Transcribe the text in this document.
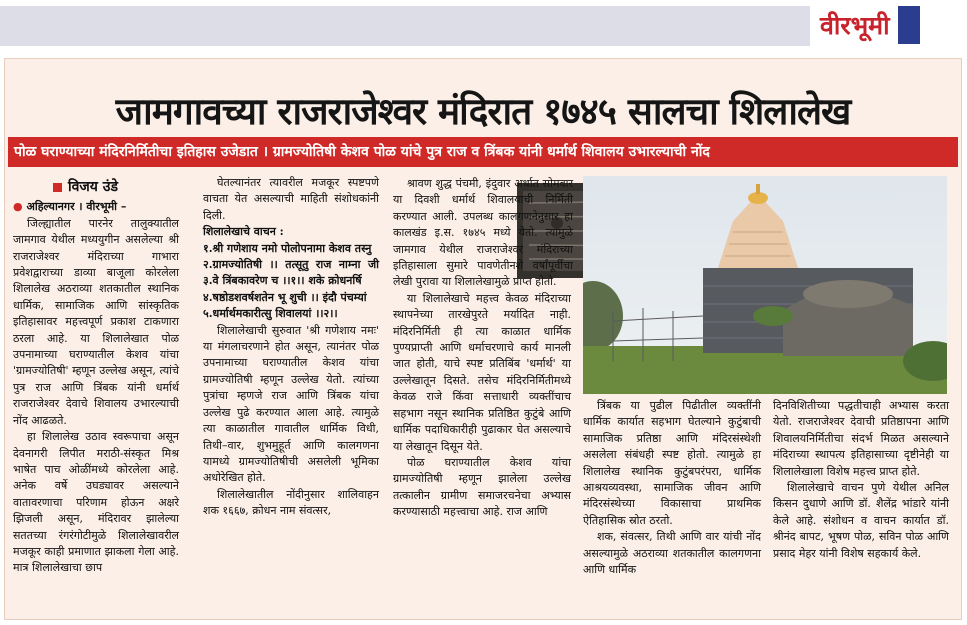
वीरभूमी
जामगावच्या राजराजेश्वर मंदिरात १७४५ सालचा शिलालेख
पोळ घराण्याच्या मंदिरनिर्मितीचा इतिहास उजेडात । ग्रामज्योतिषी केशव पोळ यांचे पुत्र राज व त्रिंबक यांनी धर्मार्थ शिवालय उभारल्याची नोंद
विजय उंडे

● अहिल्यानगर । वीरभूमी –

जिल्ह्यातील पारनेर तालुक्यातील जामगाव येथील मध्ययुगीन असलेल्या श्री राजराजेश्वर मंदिराच्या गाभारा प्रवेशद्वाराच्या डाव्या बाजूला कोरलेला शिलालेख अठराव्या शतकातील स्थानिक धार्मिक, सामाजिक आणि सांस्कृतिक इतिहासावर महत्त्वपूर्ण प्रकाश टाकणारा ठरला आहे. या शिलालेखात पोळ उपनामाच्या घराण्यातील केशव यांचा 'ग्रामज्योतिषी' म्हणून उल्लेख असून, त्यांचे पुत्र राज आणि त्रिंबक यांनी धर्मार्थ राजराजेश्वर देवाचे शिवालय उभारल्याची नोंद आढळते.

हा शिलालेख उठाव स्वरूपाचा असून देवनागरी लिपीत मराठी-संस्कृत मिश्र भाषेत पाच ओळींमध्ये कोरलेला आहे. अनेक वर्षे उघड्यावर असल्याने वातावरणाचा परिणाम होऊन अक्षरे झिजली असून, मंदिरावर झालेल्या सततच्या रंगरंगोटीमुळे शिलालेखावरील मजकूर काही प्रमाणात झाकला गेला आहे. मात्र शिलालेखाचा छाप

घेतल्यानंतर त्यावरील मजकूर स्पष्टपणे वाचता येत असल्याची माहिती संशोधकांनी दिली.

शिलालेखाचे वाचन :

१.श्री गणेशाय नमो पोलोपनामा केशव तस्नु

२.ग्रामज्योतिषी ।। तत्सूतु राज नाम्ना जी ३.वे त्रिंबकावरेण च ।।१।। शके क्रोधनर्षि

४.षष्ठोडशवर्षशतेन भू शुची ।। इंदौ पंचम्यां

५.धर्मार्थमकारीत्सु शिवालयां ।।२।।

शिलालेखाची सुरुवात 'श्री गणेशाय नमः' या मंगलाचरणाने होत असून, त्यानंतर पोळ उपनामाच्या घराण्यातील केशव यांचा ग्रामज्योतिषी म्हणून उल्लेख येतो. त्यांच्या पुत्रांचा म्हणजे राज आणि त्रिंबक यांचा उल्लेख पुढे करण्यात आला आहे. त्यामुळे त्या काळातील गावातील धार्मिक विधी, तिथी–वार, शुभमुहूर्त आणि कालगणना यामध्ये ग्रामज्योतिषीची असलेली भूमिका अधोरेखित होते.

शिलालेखातील नोंदीनुसार शालिवाहन शक १६६७, क्रोधन नाम संवत्सर,

श्रावण शुद्ध पंचमी, इंदुवार अर्थात सोमवार या दिवशी धर्मार्थ शिवालयाची निर्मिती करण्यात आली. उपलब्ध कालगणनेनुसार हा कालखंड इ.स. १७४५ मध्ये येतो. त्यामुळे जामगाव येथील राजराजेश्वर मंदिराच्या इतिहासाला सुमारे पावणेतीनशे वर्षांपूर्वीचा लेखी पुरावा या शिलालेखामुळे प्राप्त होतो.

या शिलालेखाचे महत्त्व केवळ मंदिराच्या स्थापनेच्या तारखेपुरते मर्यादित नाही. मंदिरनिर्मिती ही त्या काळात धार्मिक पुण्यप्राप्ती आणि धर्माचरणाचे कार्य मानली जात होती, याचे स्पष्ट प्रतिबिंब 'धर्मार्थ' या उल्लेखातून दिसते. तसेच मंदिरनिर्मितीमध्ये केवळ राजे किंवा सत्ताधारी व्यक्तींचाच सहभाग नसून स्थानिक प्रतिष्ठित कुटुंबे आणि धार्मिक पदाधिकारीही पुढाकार घेत असल्याचे या लेखातून दिसून येते.

पोळ घराण्यातील केशव यांचा ग्रामज्योतिषी म्हणून झालेला उल्लेख तत्कालीन ग्रामीण समाजरचनेचा अभ्यास करण्यासाठी महत्त्वाचा आहे. राज आणि

त्रिंबक या पुढील पिढीतील व्यक्तींनी धार्मिक कार्यात सहभाग घेतल्याने कुटुंबाची सामाजिक प्रतिष्ठा आणि मंदिरसंस्थेशी असलेला संबंधही स्पष्ट होतो. त्यामुळे हा शिलालेख स्थानिक कुटुंबपरंपरा, धार्मिक आश्रयव्यवस्था, सामाजिक जीवन आणि मंदिरसंस्थेच्या विकासाचा प्राथमिक ऐतिहासिक स्रोत ठरतो.

शक, संवत्सर, तिथी आणि वार यांची नोंद असल्यामुळे अठराव्या शतकातील कालगणना आणि धार्मिक

दिनविशितीच्या पद्धतीचाही अभ्यास करता येतो. राजराजेश्वर देवाची प्रतिष्ठापना आणि शिवालयनिर्मितीचा संदर्भ मिळत असल्याने मंदिराच्या स्थापत्य इतिहासाच्या दृष्टीनेही या शिलालेखाला विशेष महत्त्व प्राप्त होते.

शिलालेखाचे वाचन पुणे येथील अनिल किसन दुधाणे आणि डॉ. शैलेंद्र भांडारे यांनी केले आहे. संशोधन व वाचन कार्यात डॉ. श्रीनंद बापट, भूषण पोळ, सविन पोळ आणि प्रसाद मेहर यांनी विशेष सहकार्य केले.
